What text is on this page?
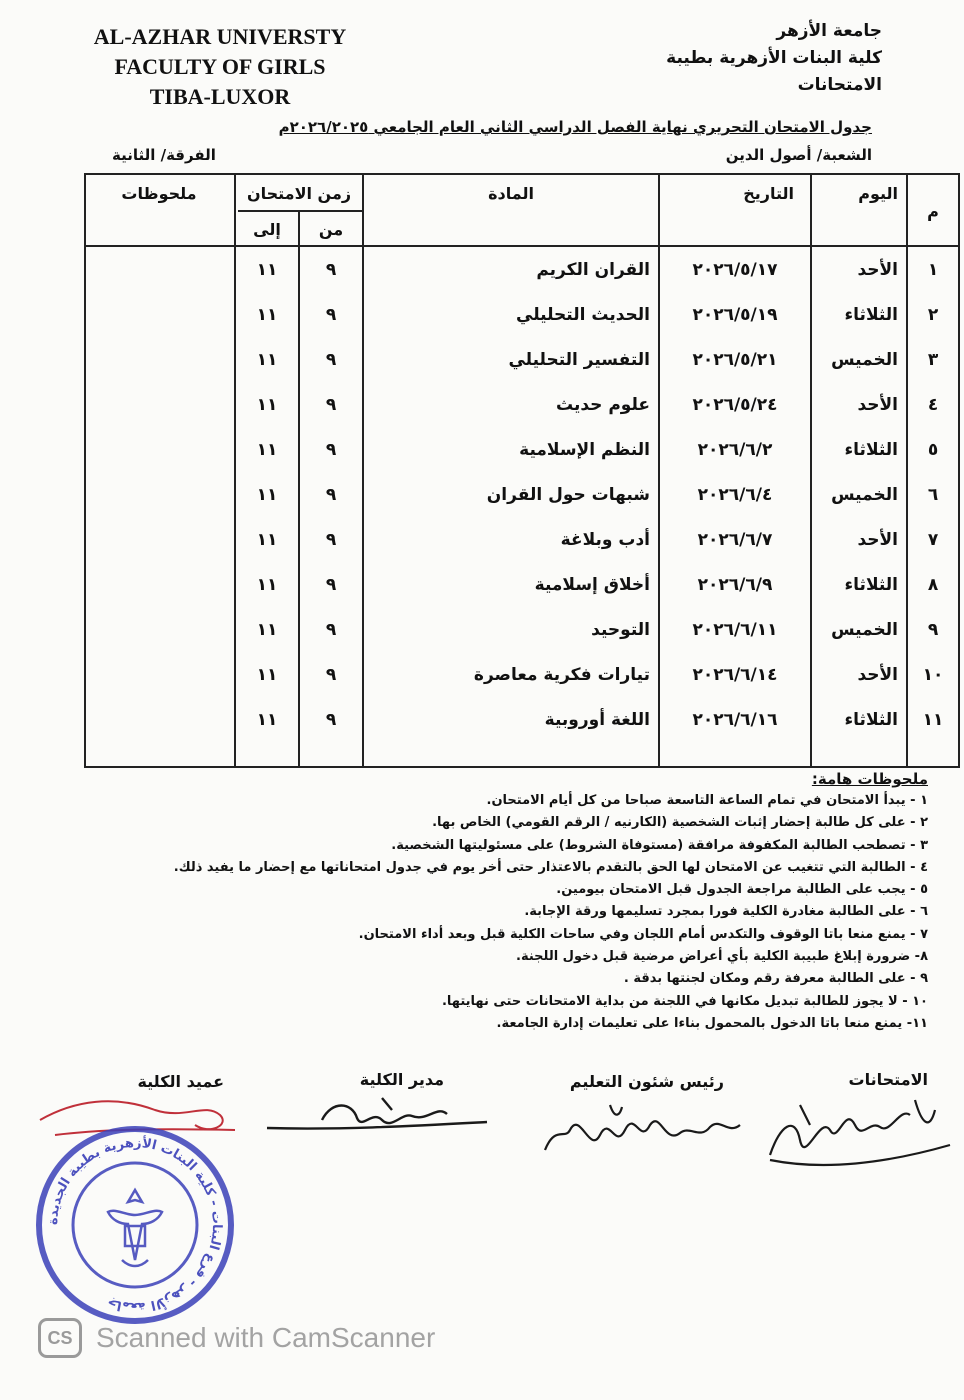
AL-AZHAR UNIVERSTY
FACULTY OF GIRLS
TIBA-LUXOR
جامعة الأزهر
كلية البنات الأزهرية بطيبة
الامتحانات
جدول الامتحان التحريري نهاية الفصل الدراسي الثاني العام الجامعي ٢٠٢٦/٢٠٢٥م
الشعبة/ أصول الدين
الفرقة/ الثانية
م
اليوم
التاريخ
المادة
زمن الامتحان
من
إلى
ملحوظات
١
الأحد
٢٠٢٦/٥/١٧
القران الكريم
٩
١١
٢
الثلاثاء
٢٠٢٦/٥/١٩
الحديث التحليلي
٩
١١
٣
الخميس
٢٠٢٦/٥/٢١
التفسير التحليلي
٩
١١
٤
الأحد
٢٠٢٦/٥/٢٤
علوم حديث
٩
١١
٥
الثلاثاء
٢٠٢٦/٦/٢
النظم الإسلامية
٩
١١
٦
الخميس
٢٠٢٦/٦/٤
شبهات حول القران
٩
١١
٧
الأحد
٢٠٢٦/٦/٧
أدب وبلاغة
٩
١١
٨
الثلاثاء
٢٠٢٦/٦/٩
أخلاق إسلامية
٩
١١
٩
الخميس
٢٠٢٦/٦/١١
التوحيد
٩
١١
١٠
الأحد
٢٠٢٦/٦/١٤
تيارات فكرية معاصرة
٩
١١
١١
الثلاثاء
٢٠٢٦/٦/١٦
اللغة أوروبية
٩
١١
ملحوظات هامة:
١ - يبدأ الامتحان في تمام الساعة التاسعة صباحا من كل أيام الامتحان.
٢ - على كل طالبة إحضار إثبات الشخصية (الكارنيه / الرقم القومي) الخاص بها.
٣ - تصطحب الطالبة المكفوفة مرافقة (مستوفاة الشروط) على مسئوليتها الشخصية.
٤ - الطالبة التي تتغيب عن الامتحان لها الحق بالتقدم بالاعتذار حتى أخر يوم في جدول امتحاناتها مع إحضار ما يفيد ذلك.
٥ - يجب على الطالبة مراجعة الجدول قبل الامتحان بيومين.
٦ - على الطالبة مغادرة الكلية فورا بمجرد تسليمها ورقة الإجابة.
٧ - يمنع منعا باتا الوقوف والتكدس أمام اللجان وفي ساحات الكلية قبل وبعد أداء الامتحان.
٨- ضرورة إبلاغ طبيبة الكلية بأي أعراض مرضية قبل دخول اللجنة.
٩ - على الطالبة معرفة رقم ومكان لجنتها بدقة .
١٠ - لا يجوز للطالبة تبديل مكانها في اللجنة من بداية الامتحانات حتى نهايتها.
١١- يمنع منعا باتا الدخول بالمحمول بناءا على تعليمات إدارة الجامعة.
الامتحانات
رئيس شئون التعليم
مدير الكلية
عميد الكلية
جامعة الأزهر - فرع البنات - كلية البنات الأزهرية بطيبة الجديدة
CS Scanned with CamScanner
